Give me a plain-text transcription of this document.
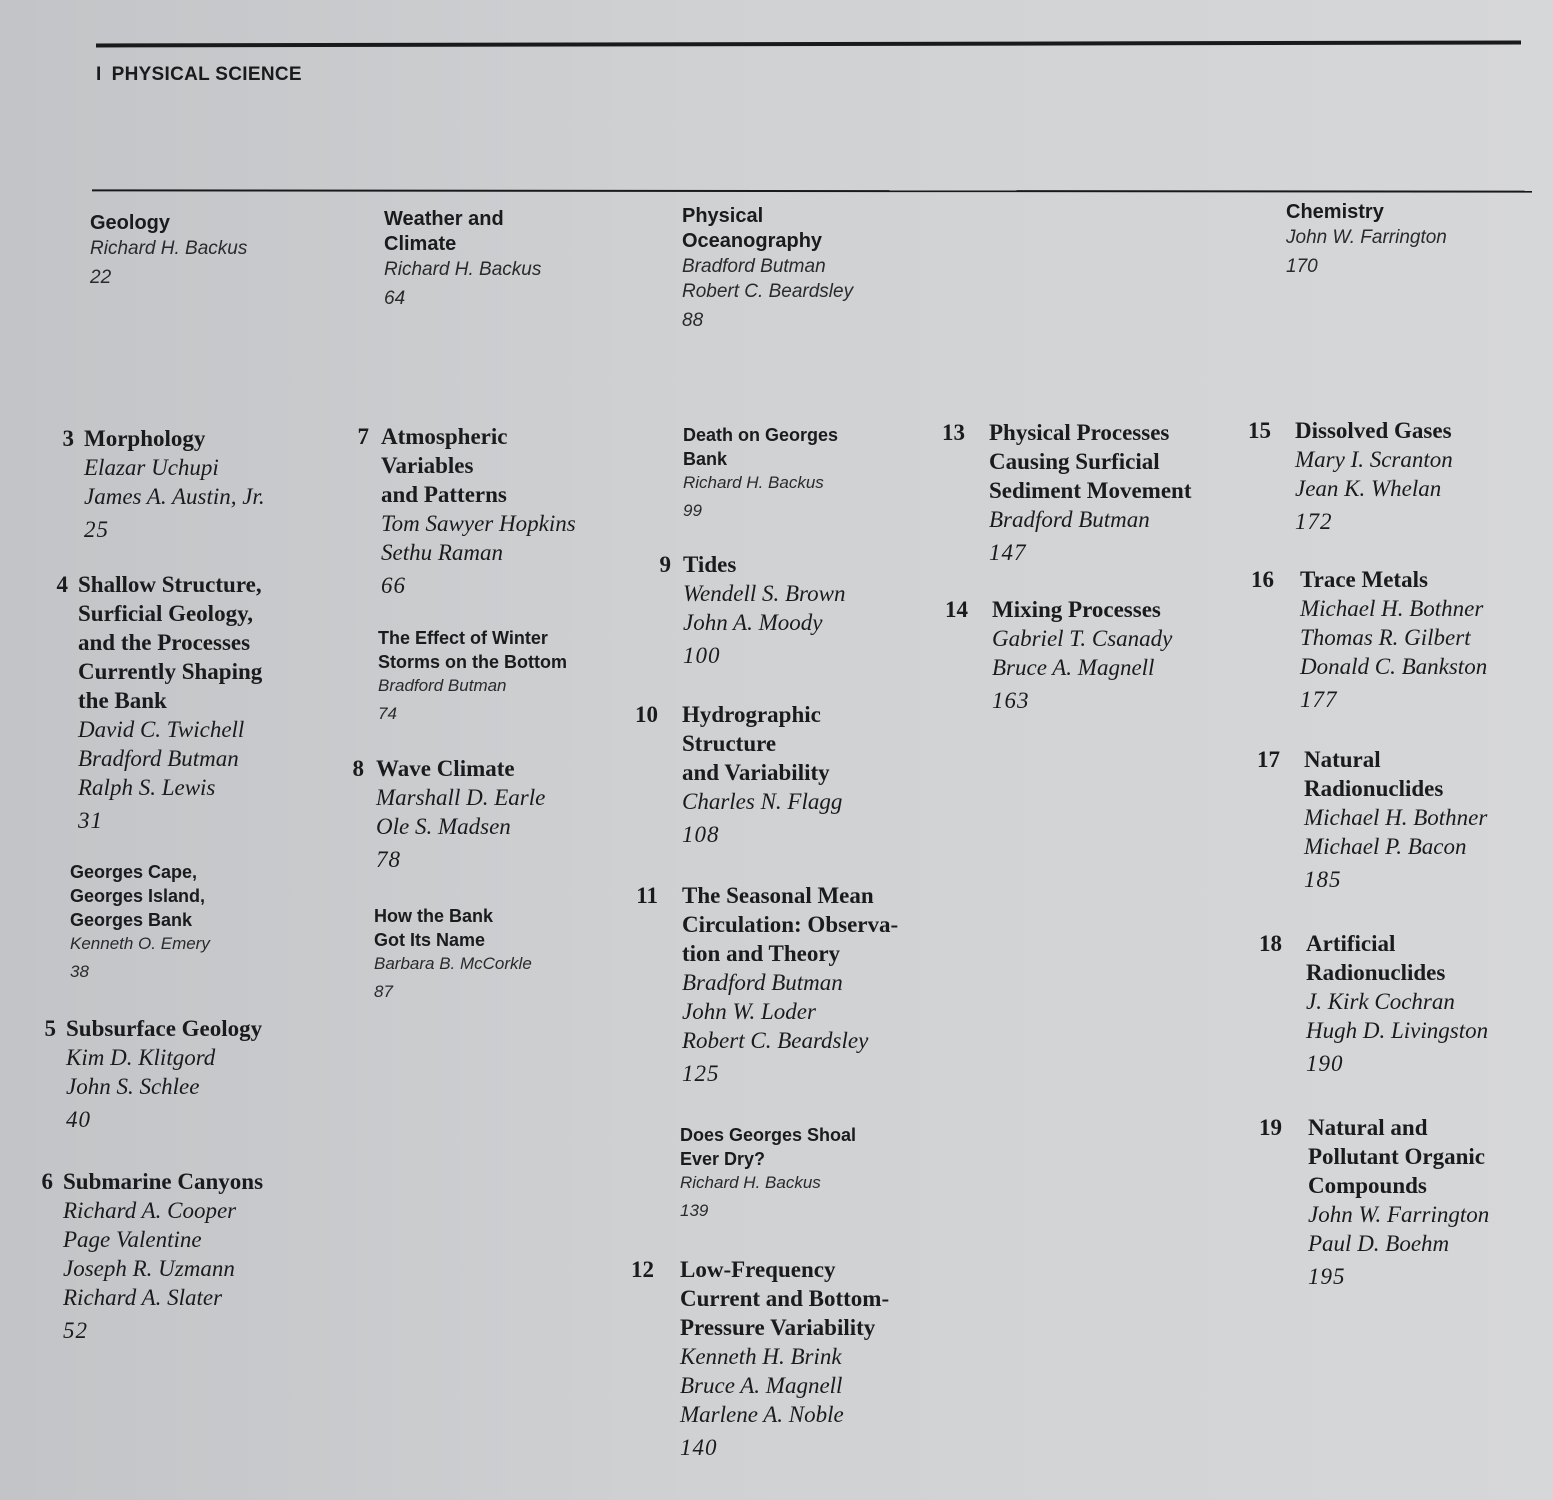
I PHYSICAL SCIENCE
Geology
Richard H. Backus
22
Weather and
Climate
Richard H. Backus
64
Physical
Oceanography
Bradford Butman
Robert C. Beardsley
88
Chemistry
John W. Farrington
170
3 Morphology
Elazar Uchupi
James A. Austin, Jr.
25
4 Shallow Structure,
Surficial Geology,
and the Processes
Currently Shaping
the Bank
David C. Twichell
Bradford Butman
Ralph S. Lewis
31
Georges Cape,
Georges Island,
Georges Bank
Kenneth O. Emery
38
5 Subsurface Geology
Kim D. Klitgord
John S. Schlee
40
6 Submarine Canyons
Richard A. Cooper
Page Valentine
Joseph R. Uzmann
Richard A. Slater
52
7 Atmospheric
Variables
and Patterns
Tom Sawyer Hopkins
Sethu Raman
66
The Effect of Winter
Storms on the Bottom
Bradford Butman
74
8 Wave Climate
Marshall D. Earle
Ole S. Madsen
78
How the Bank
Got Its Name
Barbara B. McCorkle
87
Death on Georges
Bank
Richard H. Backus
99
9 Tides
Wendell S. Brown
John A. Moody
100
10 Hydrographic
Structure
and Variability
Charles N. Flagg
108
11 The Seasonal Mean
Circulation: Observa-
tion and Theory
Bradford Butman
John W. Loder
Robert C. Beardsley
125
Does Georges Shoal
Ever Dry?
Richard H. Backus
139
12 Low-Frequency
Current and Bottom-
Pressure Variability
Kenneth H. Brink
Bruce A. Magnell
Marlene A. Noble
140
13 Physical Processes
Causing Surficial
Sediment Movement
Bradford Butman
147
14 Mixing Processes
Gabriel T. Csanady
Bruce A. Magnell
163
15 Dissolved Gases
Mary I. Scranton
Jean K. Whelan
172
16 Trace Metals
Michael H. Bothner
Thomas R. Gilbert
Donald C. Bankston
177
17 Natural
Radionuclides
Michael H. Bothner
Michael P. Bacon
185
18 Artificial
Radionuclides
J. Kirk Cochran
Hugh D. Livingston
190
19 Natural and
Pollutant Organic
Compounds
John W. Farrington
Paul D. Boehm
195
